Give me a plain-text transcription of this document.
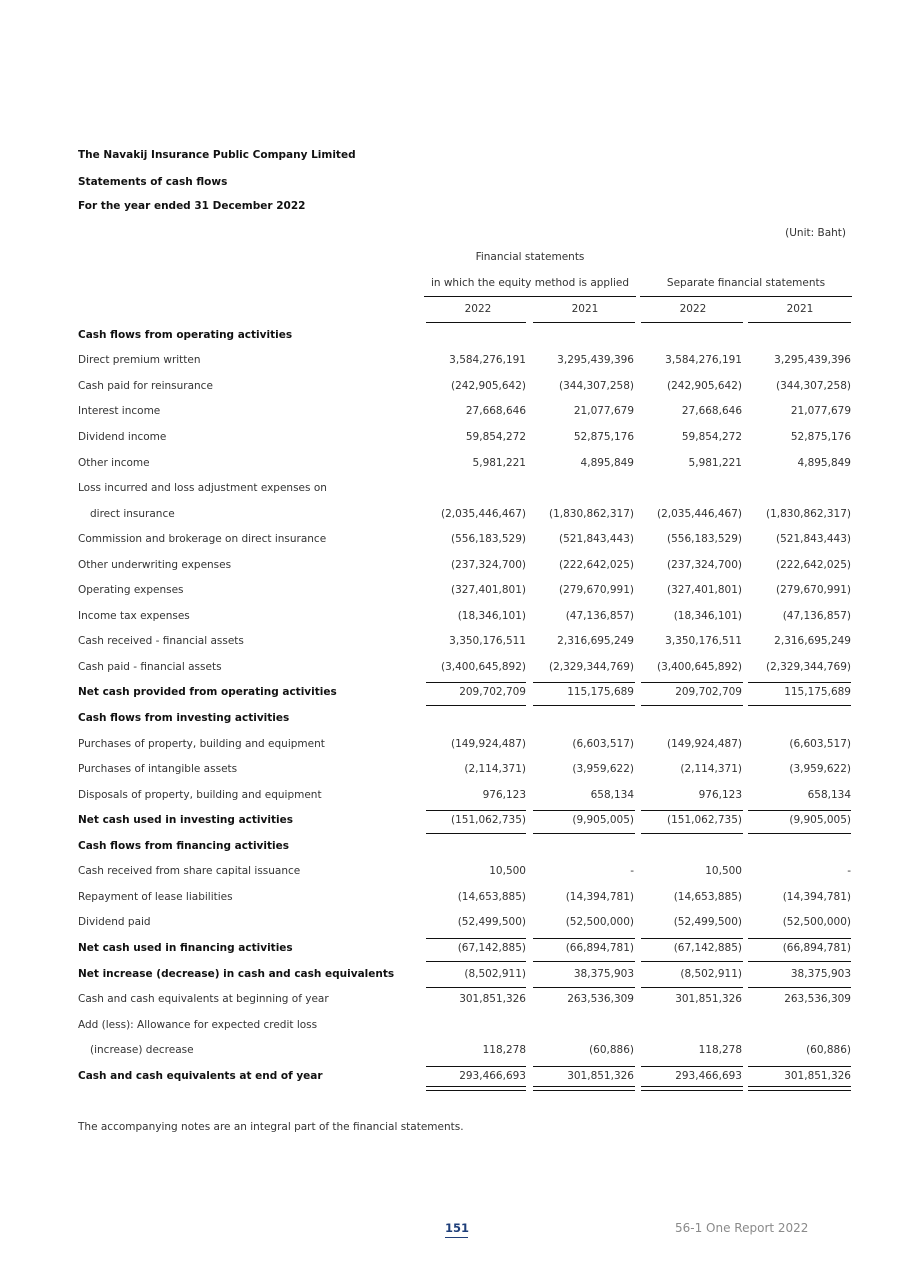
The Navakij Insurance Public Company Limited
Statements of cash flows
For the year ended 31 December 2022
(Unit: Baht)
Financial statements
in which the equity method is applied	Separate financial statements
2022	2021	2022	2021
Cash flows from operating activities
Direct premium written	3,584,276,191	3,295,439,396	3,584,276,191	3,295,439,396
Cash paid for reinsurance	(242,905,642)	(344,307,258)	(242,905,642)	(344,307,258)
Interest income	27,668,646	21,077,679	27,668,646	21,077,679
Dividend income	59,854,272	52,875,176	59,854,272	52,875,176
Other income	5,981,221	4,895,849	5,981,221	4,895,849
Loss incurred and loss adjustment expenses on
direct insurance	(2,035,446,467)	(1,830,862,317)	(2,035,446,467)	(1,830,862,317)
Commission and brokerage on direct insurance	(556,183,529)	(521,843,443)	(556,183,529)	(521,843,443)
Other underwriting expenses	(237,324,700)	(222,642,025)	(237,324,700)	(222,642,025)
Operating expenses	(327,401,801)	(279,670,991)	(327,401,801)	(279,670,991)
Income tax expenses	(18,346,101)	(47,136,857)	(18,346,101)	(47,136,857)
Cash received - financial assets	3,350,176,511	2,316,695,249	3,350,176,511	2,316,695,249
Cash paid - financial assets	(3,400,645,892)	(2,329,344,769)	(3,400,645,892)	(2,329,344,769)
Net cash provided from operating activities	209,702,709	115,175,689	209,702,709	115,175,689
Cash flows from investing activities
Purchases of property, building and equipment	(149,924,487)	(6,603,517)	(149,924,487)	(6,603,517)
Purchases of intangible assets	(2,114,371)	(3,959,622)	(2,114,371)	(3,959,622)
Disposals of property, building and equipment	976,123	658,134	976,123	658,134
Net cash used in investing activities	(151,062,735)	(9,905,005)	(151,062,735)	(9,905,005)
Cash flows from financing activities
Cash received from share capital issuance	10,500	-	10,500	-
Repayment of lease liabilities	(14,653,885)	(14,394,781)	(14,653,885)	(14,394,781)
Dividend paid	(52,499,500)	(52,500,000)	(52,499,500)	(52,500,000)
Net cash used in financing activities	(67,142,885)	(66,894,781)	(67,142,885)	(66,894,781)
Net increase (decrease) in cash and cash equivalents	(8,502,911)	38,375,903	(8,502,911)	38,375,903
Cash and cash equivalents at beginning of year	301,851,326	263,536,309	301,851,326	263,536,309
Add (less): Allowance for expected credit loss
(increase) decrease	118,278	(60,886)	118,278	(60,886)
Cash and cash equivalents at end of year	293,466,693	301,851,326	293,466,693	301,851,326
The accompanying notes are an integral part of the financial statements.
151	56-1 One Report 2022
